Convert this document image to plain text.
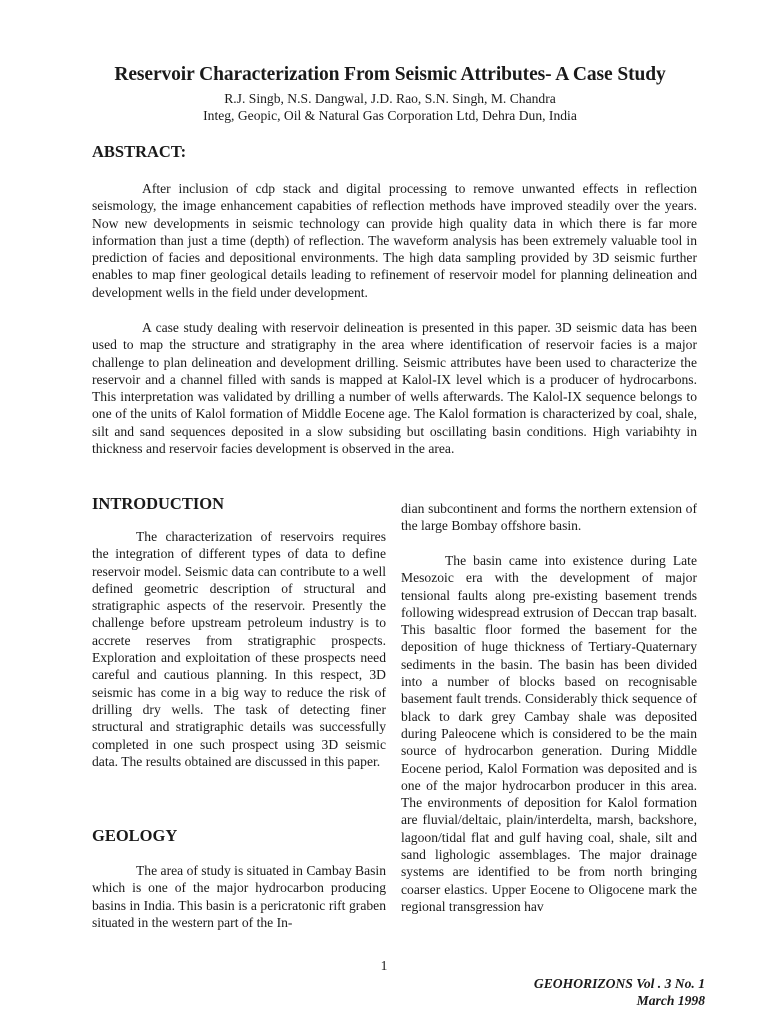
Reservoir Characterization From Seismic Attributes- A Case Study

R.J. Singb, N.S. Dangwal, J.D. Rao, S.N. Singh, M. Chandra

Integ, Geopic, Oil & Natural Gas Corporation Ltd, Dehra Dun, India

ABSTRACT:

After inclusion of cdp stack and digital processing to remove unwanted effects in reflection seismology, the image enhancement capabities of reflection methods have improved steadily over the years. Now new developments in seismic technology can provide high quality data in which there is far more information than just a time (depth) of reflection. The waveform analysis has been extremely valuable tool in prediction of facies and depositional environments. The high data sampling provided by 3D seismic further enables to map finer geological details leading to refinement of reservoir model for planning delineation and development wells in the field under development.

A case study dealing with reservoir delineation is presented in this paper. 3D seismic data has been used to map the structure and stratigraphy in the area where identification of reservoir facies is a major challenge to plan delineation and development drilling. Seismic attributes have been used to characterize the reservoir and a channel filled with sands is mapped at Kalol-IX level which is a producer of hydrocarbons. This interpretation was validated by drilling a number of wells afterwards. The Kalol-IX sequence belongs to one of the units of Kalol formation of Middle Eocene age. The Kalol formation is characterized by coal, shale, silt and sand sequences deposited in a slow subsiding but oscillating basin conditions. High variabihty in thickness and reservoir facies development is observed in the area.

INTRODUCTION

The characterization of reservoirs requires the integration of different types of data to define reservoir model. Seismic data can contribute to a well defined geometric description of structural and stratigraphic aspects of the reservoir. Presently the challenge before upstream petroleum industry is to accrete reserves from stratigraphic prospects. Exploration and exploitation of these prospects need careful and cautious planning. In this respect, 3D seismic has come in a big way to reduce the risk of drilling dry wells. The task of detecting finer structural and stratigraphic details was successfully completed in one such prospect using 3D seismic data. The results obtained are discussed in this paper.

GEOLOGY
The area of study is situated in Cambay Basin which is one of the major hydrocarbon producing basins in India. This basin is a pericratonic rift graben situated in the western part of the In-
dian subcontinent and forms the northern extension of the large Bombay offshore basin.

The basin came into existence during Late Mesozoic era with the development of major tensional faults along pre-existing basement trends following widespread extrusion of Deccan trap basalt. This basaltic floor formed the basement for the deposition of huge thickness of Tertiary-Quaternary sediments in the basin. The basin has been divided into a number of blocks based on recognisable basement fault trends. Considerably thick sequence of black to dark grey Cambay shale was deposited during Paleocene which is considered to be the main source of hydrocarbon generation. During Middle Eocene period, Kalol Formation was deposited and is one of the major hydrocarbon producer in this area. The environments of deposition for Kalol formation are fluvial/deltaic, plain/interdelta, marsh, backshore, lagoon/tidal flat and gulf having coal, shale, silt and sand lighologic assemblages. The major drainage systems are identified to be from north bringing coarser elastics. Upper Eocene to Oligocene mark the regional transgression hav

1
GEOHORIZONS Vol . 3 No. 1
March 1998
